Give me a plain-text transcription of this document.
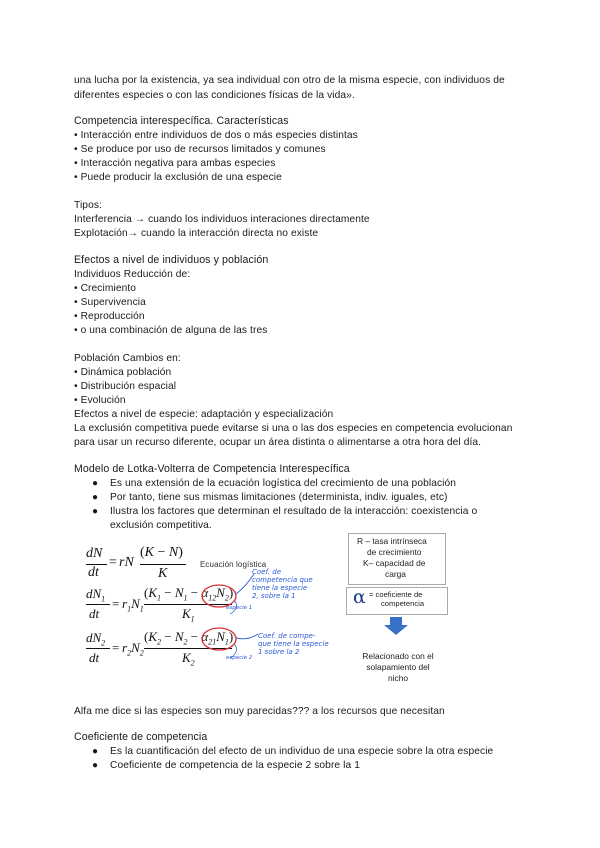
una lucha por la existencia, ya sea individual con otro de la misma especie, con individuos de
diferentes especies o con las condiciones físicas de la vida».
Competencia interespecífica. Características
• Interacción entre individuos de dos o más especies distintas
• Se produce por uso de recursos limitados y comunes
• Interacción negativa para ambas especies
• Puede producir la exclusión de una especie
Tipos:
Interferencia → cuando los individuos interaciones directamente
Explotación→ cuando la interacción directa no existe
Efectos a nivel de individuos y población
Individuos Reducción de:
• Crecimiento
• Supervivencia
• Reproducción
• o una combinación de alguna de las tres
Población Cambios en:
• Dinámica población
• Distribución espacial
• Evolución
Efectos a nivel de especie: adaptación y especialización
La exclusión competitiva puede evitarse si una o las dos especies en competencia evolucionan
para usar un recurso diferente, ocupar un área distinta o alimentarse a otra hora del día.
Modelo de Lotka-Volterra de Competencia Interespecífica
● Es una extensión de la ecuación logística del crecimiento de una población
● Por tanto, tiene sus mismas limitaciones (determinista, indiv. iguales, etc)
● Ilustra los factores que determinan el resultado de la interacción: coexistencia o
exclusión competitiva.
dN
dt
= rN
(K − N)
K
Ecuación logística
$dN_1$
dt
= $r_1N_1$
$(K_1 - N_1 - \alpha_{12}N_2)$
$K_1$
$dN_2$
dt
= $r_2N_2$
$(K_2 - N_2 - \alpha_{21}N_1)$
$K_2$
Coef. de
competencia que
tiene la especie
2, sobre la 1
Coef. de compe-
que tiene la especie
1 sobre la 2
especie 1
especie 2
R – tasa intrínseca
de crecimiento
K– capacidad de
carga
α = coeficiente de
competencia
Relacionado con el
solapamiento del
nicho
Alfa me dice si las especies son muy parecidas??? a los recursos que necesitan
Coeficiente de competencia
● Es la cuantificación del efecto de un individuo de una especie sobre la otra especie
● Coeficiente de competencia de la especie 2 sobre la 1
